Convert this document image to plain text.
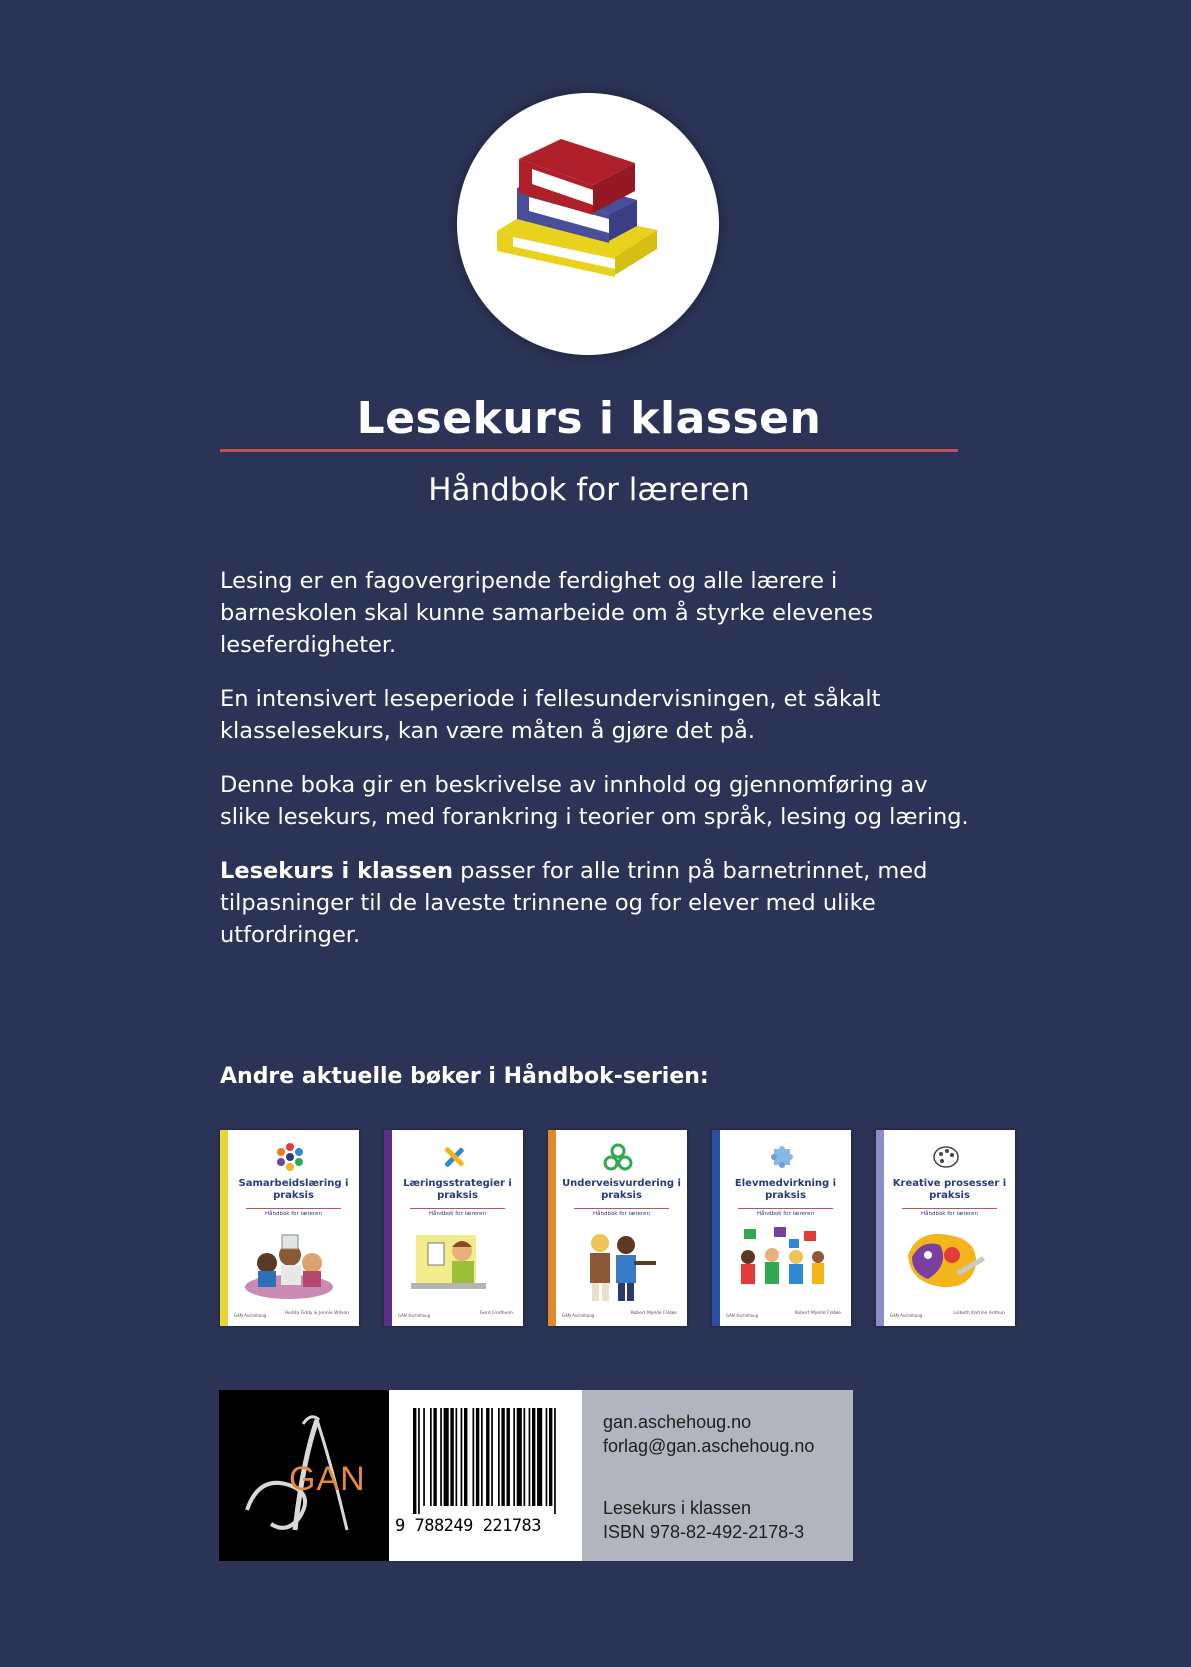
Lesekurs i klassen
Håndbok for læreren

Lesing er en fagovergripende ferdighet og alle lærere i barneskolen skal kunne samarbeide om å styrke elevenes leseferdigheter.

En intensivert leseperiode i fellesundervisningen, et såkalt klasselesekurs, kan være måten å gjøre det på.

Denne boka gir en beskrivelse av innhold og gjennomføring av slike lesekurs, med forankring i teorier om språk, lesing og læring.

Lesekurs i klassen passer for alle trinn på barnetrinnet, med tilpasninger til de laveste trinnene og for elever med ulike utfordringer.

Andre aktuelle bøker i Håndbok-serien:
Samarbeidslæring i praksis
Håndbok for læreren
GAN Aschehoug	Hedda Fiddy & Jennie Wilson
Læringsstrategier i praksis
Håndbok for læreren
GAN Aschehoug	Gerd Fredheim
Underveisvurdering i praksis
Håndbok for læreren
GAN Aschehoug	Robert Mjelde Flatøe
Elevmedvirkning i praksis
Håndbok for læreren
GAN Aschehoug	Robert Mjelde Flatøe
Kreative prosesser i praksis
Håndbok for læreren
GAN Aschehoug	Lisbeth Katrine Anthun
GAN
9 788249 221783
gan.aschehoug.no
forlag@gan.aschehoug.no
Lesekurs i klassen
ISBN 978-82-492-2178-3
